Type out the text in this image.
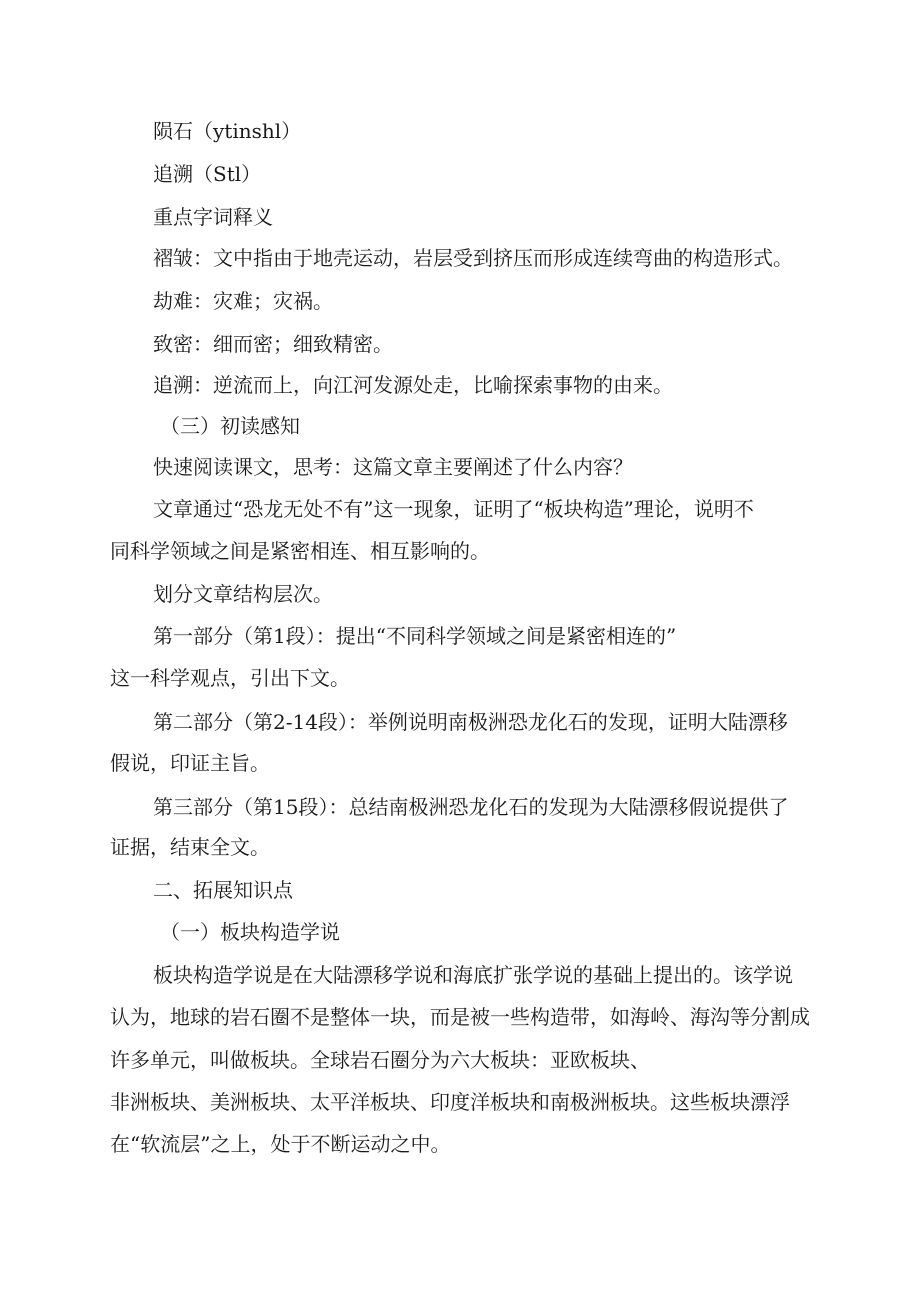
陨石（ytinshl）
追溯（Stl）
重点字词释义
褶皱：文中指由于地壳运动，岩层受到挤压而形成连续弯曲的构造形式。
劫难：灾难；灾祸。
致密：细而密；细致精密。
追溯：逆流而上，向江河发源处走，比喻探索事物的由来。
（三）初读感知
快速阅读课文，思考：这篇文章主要阐述了什么内容？
文章通过“恐龙无处不有”这一现象，证明了“板块构造”理论，说明不
同科学领域之间是紧密相连、相互影响的。
划分文章结构层次。
第一部分（第1段）：提出“不同科学领域之间是紧密相连的”
这一科学观点，引出下文。
第二部分（第2-14段）：举例说明南极洲恐龙化石的发现，证明大陆漂移
假说，印证主旨。
第三部分（第15段）：总结南极洲恐龙化石的发现为大陆漂移假说提供了
证据，结束全文。
二、拓展知识点
（一）板块构造学说
板块构造学说是在大陆漂移学说和海底扩张学说的基础上提出的。该学说
认为，地球的岩石圈不是整体一块，而是被一些构造带，如海岭、海沟等分割成
许多单元，叫做板块。全球岩石圈分为六大板块：亚欧板块、
非洲板块、美洲板块、太平洋板块、印度洋板块和南极洲板块。这些板块漂浮
在“软流层”之上，处于不断运动之中。
